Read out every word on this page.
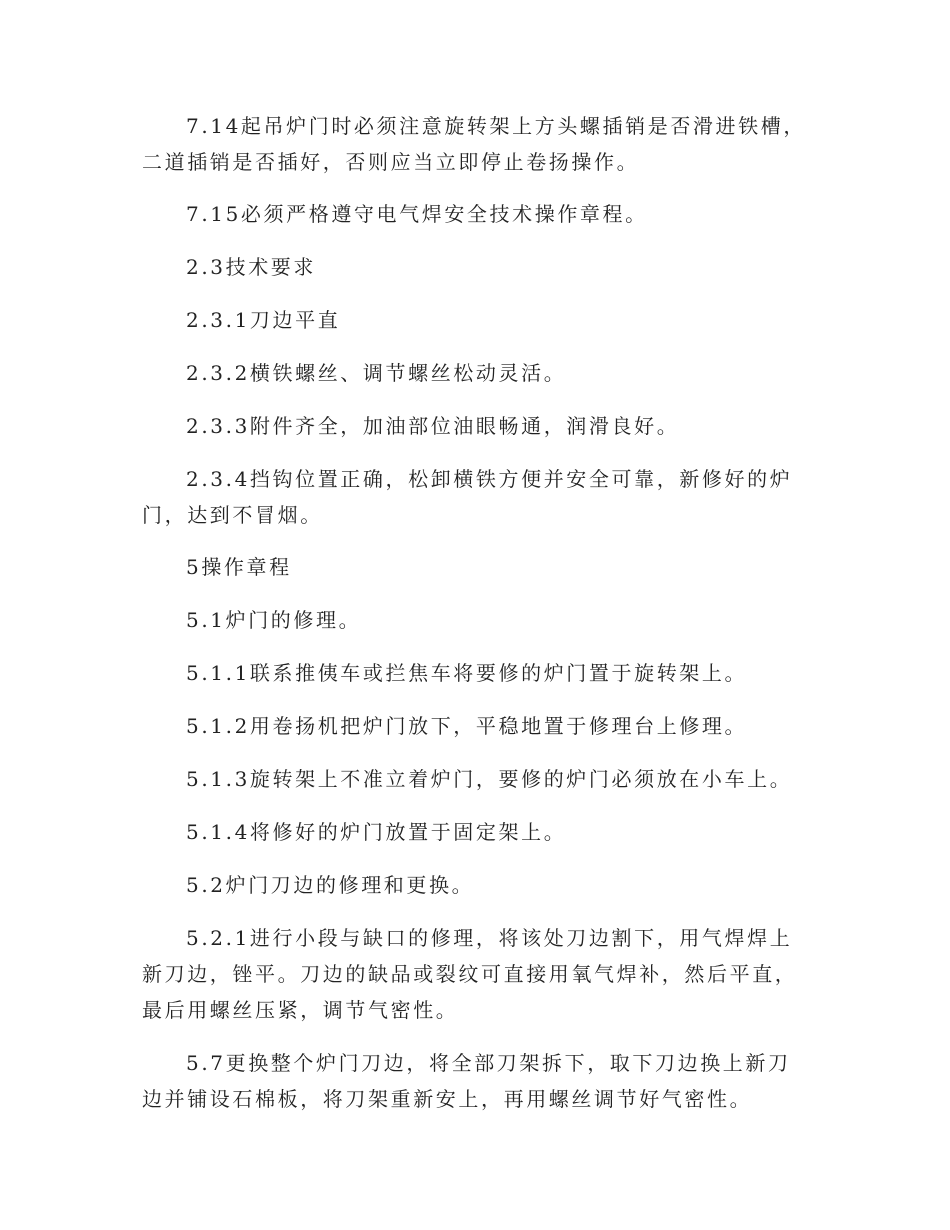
7.14起吊炉门时必须注意旋转架上方头螺插销是否滑进铁槽，二道插销是否插好，否则应当立即停止卷扬操作。

7.15必须严格遵守电气焊安全技术操作章程。

2.3技术要求

2.3.1刀边平直

2.3.2横铁螺丝、调节螺丝松动灵活。

2.3.3附件齐全，加油部位油眼畅通，润滑良好。

2.3.4挡钩位置正确，松卸横铁方便并安全可靠，新修好的炉门，达到不冒烟。

5操作章程

5.1炉门的修理。

5.1.1联系推侇车或拦焦车将要修的炉门置于旋转架上。

5.1.2用卷扬机把炉门放下，平稳地置于修理台上修理。

5.1.3旋转架上不准立着炉门，要修的炉门必须放在小车上。

5.1.4将修好的炉门放置于固定架上。

5.2炉门刀边的修理和更换。

5.2.1进行小段与缺口的修理，将该处刀边割下，用气焊焊上新刀边，锉平。刀边的缺品或裂纹可直接用氧气焊补，然后平直，最后用螺丝压紧，调节气密性。

5.7更换整个炉门刀边，将全部刀架拆下，取下刀边换上新刀边并铺设石棉板，将刀架重新安上，再用螺丝调节好气密性。
